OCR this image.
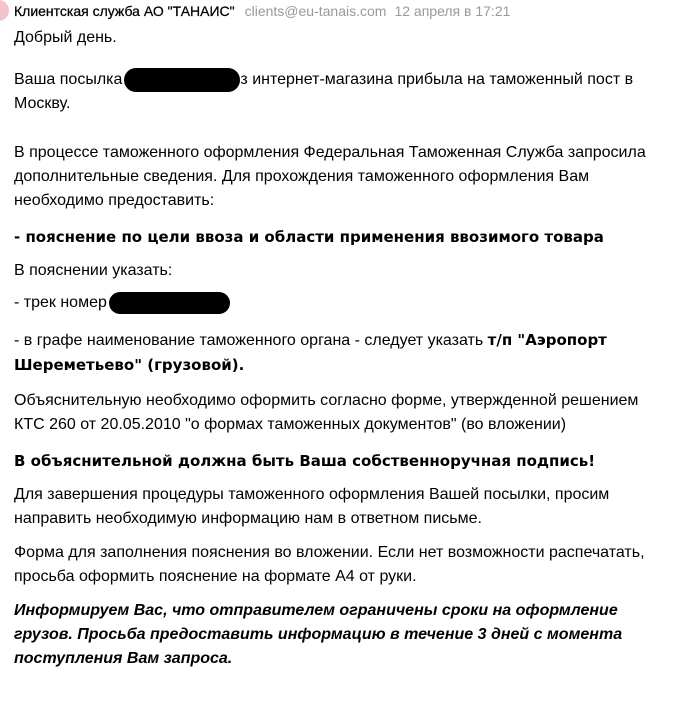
Клиентская служба АО "ТАНАИС" clients@eu-tanais.com 12 апреля в 17:21

Добрый день.

Ваша посылка	з интернет-магазина прибыла на таможенный пост в Москву.

В процессе таможенного оформления Федеральная Таможенная Служба запросила дополнительные сведения. Для прохождения таможенного оформления Вам необходимо предоставить:

- пояснение по цели ввоза и области применения ввозимого товара

В пояснении указать:

- трек номер

- в графе наименование таможенного органа - следует указать т/п "Аэропорт Шереметьево" (грузовой).

Объяснительную необходимо оформить согласно форме, утвержденной решением КТС 260 от 20.05.2010 "о формах таможенных документов" (во вложении)

В объяснительной должна быть Ваша собственноручная подпись!

Для завершения процедуры таможенного оформления Вашей посылки, просим направить необходимую информацию нам в ответном письме.

Форма для заполнения пояснения во вложении. Если нет возможности распечатать, просьба оформить пояснение на формате А4 от руки.

Информируем Вас, что отправителем ограничены сроки на оформление грузов. Просьба предоставить информацию в течение 3 дней с момента поступления Вам запроса.
